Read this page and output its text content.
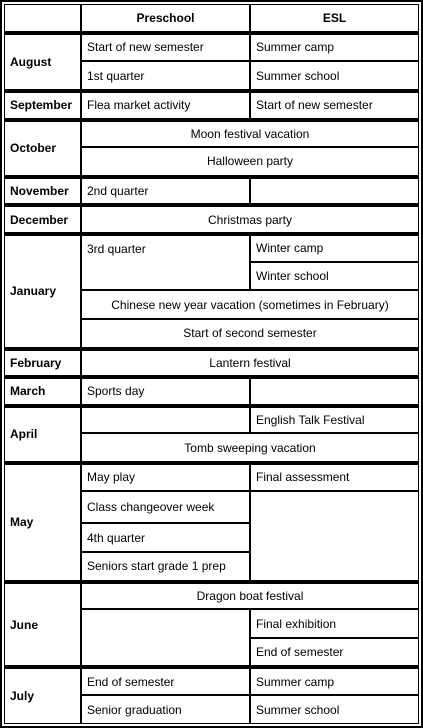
	Preschool	ESL
August	Start of new semester	Summer camp
	1st quarter	Summer school
September	Flea market activity	Start of new semester
October	Moon festival vacation	
	Halloween party	
November	2nd quarter	
December	Christmas party	
January	3rd quarter	Winter camp
		Winter school
	Chinese new year vacation (sometimes in February)	
	Start of second semester	
February	Lantern festival	
March	Sports day	
April		English Talk Festival
	Tomb sweeping vacation	
May	May play	Final assessment
	Class changeover week	
	4th quarter	
	Seniors start grade 1 prep	
June	Dragon boat festival	
		Final exhibition
		End of semester
July	End of semester	Summer camp
	Senior graduation	Summer school
